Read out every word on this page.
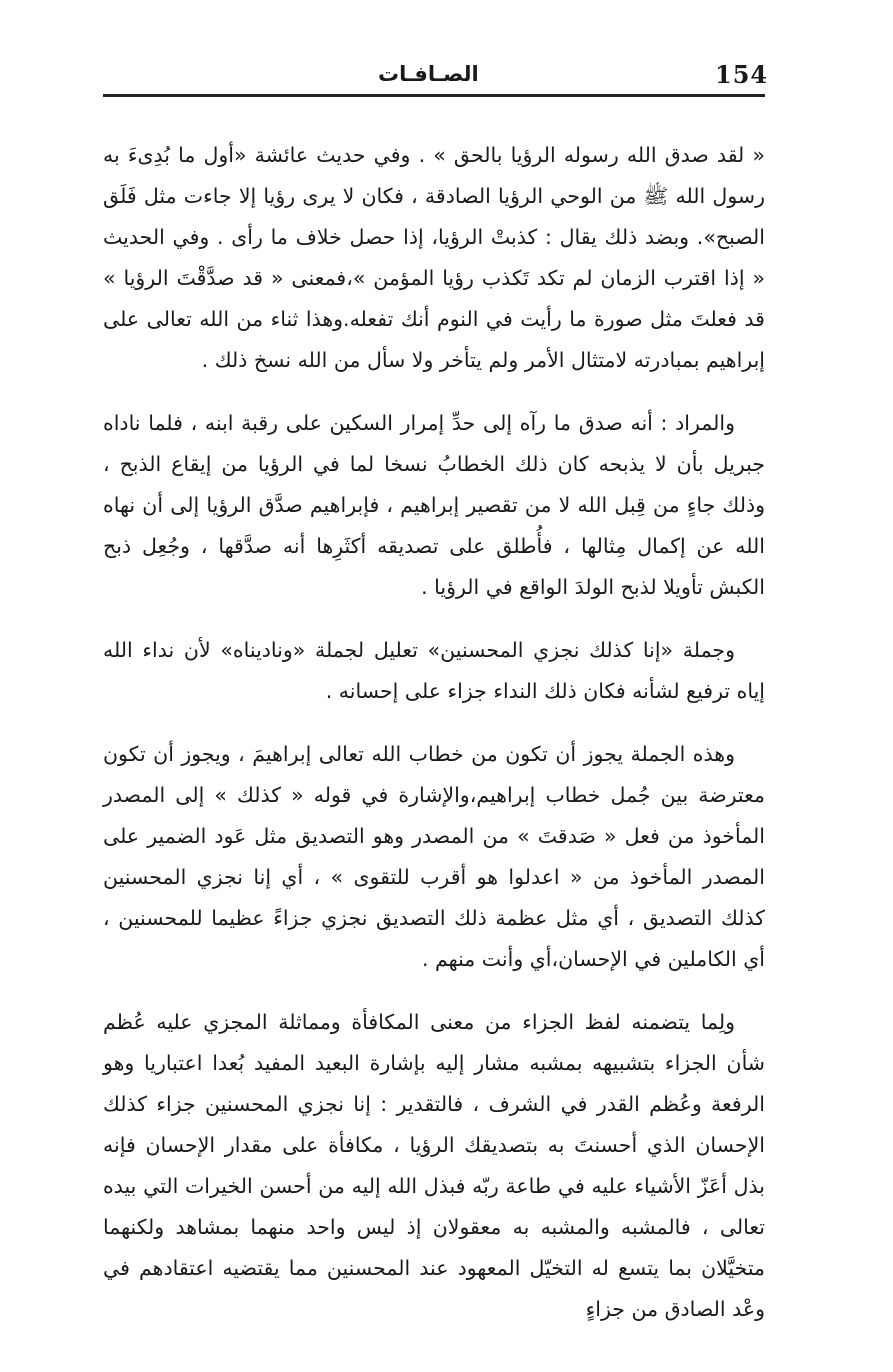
154
الصـافـات

« لقد صدق الله رسوله الرؤيا بالحق » . وفي حديث عائشة «أول ما بُدِىءَ به رسول الله ﷺ من الوحي الرؤيا الصادقة ، فكان لا يرى رؤيا إلا جاءت مثل فَلَق الصبح». وبضد ذلك يقال : كذبتْ الرؤيا، إذا حصل خلاف ما رأى . وفي الحديث « إذا اقترب الزمان لم تكد تَكذب رؤيا المؤمن »،فمعنى « قد صدَّقْتَ الرؤيا » قد فعلتَ مثل صورة ما رأيت في النوم أنك تفعله.وهذا ثناء من الله تعالى على إبراهيم بمبادرته لامتثال الأمر ولم يتأخر ولا سأل من الله نسخ ذلك .

والمراد : أنه صدق ما رآه إلى حدِّ إمرار السكين على رقبة ابنه ، فلما ناداه جبريل بأن لا يذبحه كان ذلك الخطابُ نسخا لما في الرؤيا من إيقاع الذبح ، وذلك جاءٍ من قِبل الله لا من تقصير إبراهيم ، فإبراهيم صدَّق الرؤيا إلى أن نهاه الله عن إكمال مِثالها ، فأُطلق على تصديقه أكثَرِها أنه صدَّقها ، وجُعِل ذبح الكبش تأويلا لذبح الولدَ الواقع في الرؤيا .

وجملة «إنا كذلك نجزي المحسنين» تعليل لجملة «وناديناه» لأن نداء الله إياه ترفيع لشأنه فكان ذلك النداء جزاء على إحسانه .

وهذه الجملة يجوز أن تكون من خطاب الله تعالى إبراهيمَ ، ويجوز أن تكون معترضة بين جُمل خطاب إبراهيم،والإشارة في قوله « كذلك » إلى المصدر المأخوذ من فعل « صَدقتَ » من المصدر وهو التصديق مثل عَود الضمير على المصدر المأخوذ من « اعدلوا هو أقرب للتقوى » ، أي إنا نجزي المحسنين كذلك التصديق ، أي مثل عظمة ذلك التصديق نجزي جزاءً عظيما للمحسنين ، أي الكاملين في الإحسان،أي وأنت منهم .

ولِما يتضمنه لفظ الجزاء من معنى المكافأة ومماثلة المجزي عليه عُظم شأن الجزاء بتشبيهه بمشبه مشار إليه بإشارة البعيد المفيد بُعدا اعتباريا وهو الرفعة وعُظم القدر في الشرف ، فالتقدير : إنا نجزي المحسنين جزاء كذلك الإحسان الذي أحسنتَ به بتصديقك الرؤيا ، مكافأة على مقدار الإحسان فإنه بذل أعَزّ الأشياء عليه في طاعة ربّه فبذل الله إليه من أحسن الخيرات التي بيده تعالى ، فالمشبه والمشبه به معقولان إذ ليس واحد منهما بمشاهد ولكنهما متخيَّلان بما يتسع له التخيّل المعهود عند المحسنين مما يقتضيه اعتقادهم في وعْد الصادق من جزاءٍ
